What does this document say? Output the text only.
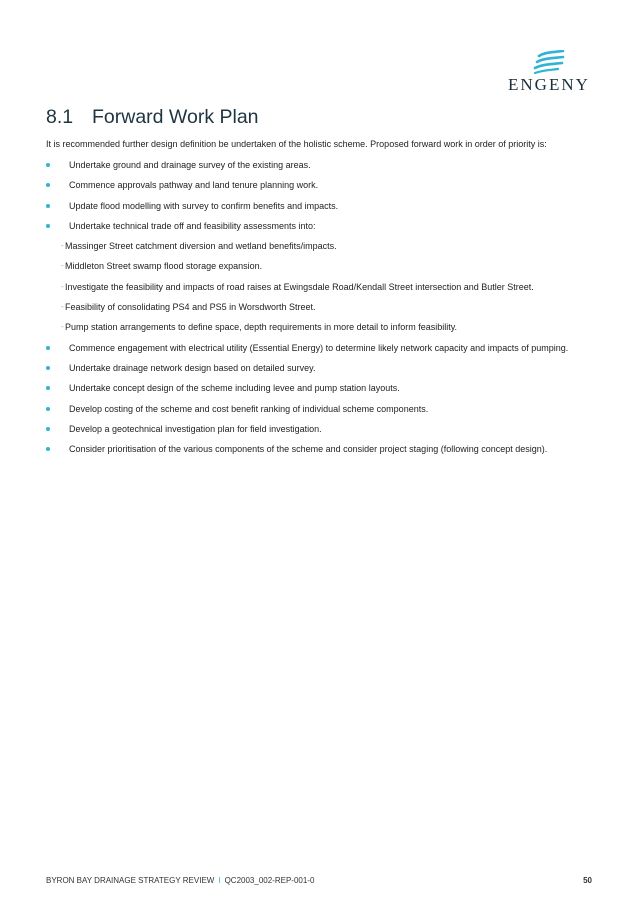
ENGENY
8.1 Forward Work Plan
It is recommended further design definition be undertaken of the holistic scheme. Proposed forward work in order of priority is:
Undertake ground and drainage survey of the existing areas.
Commence approvals pathway and land tenure planning work.
Update flood modelling with survey to confirm benefits and impacts.
Undertake technical trade off and feasibility assessments into:
- Massinger Street catchment diversion and wetland benefits/impacts.
- Middleton Street swamp flood storage expansion.
- Investigate the feasibility and impacts of road raises at Ewingsdale Road/Kendall Street intersection and Butler Street.
- Feasibility of consolidating PS4 and PS5 in Worsdworth Street.
- Pump station arrangements to define space, depth requirements in more detail to inform feasibility.
Commence engagement with electrical utility (Essential Energy) to determine likely network capacity and impacts of pumping.
Undertake drainage network design based on detailed survey.
Undertake concept design of the scheme including levee and pump station layouts.
Develop costing of the scheme and cost benefit ranking of individual scheme components.
Develop a geotechnical investigation plan for field investigation.
Consider prioritisation of the various components of the scheme and consider project staging (following concept design).
BYRON BAY DRAINAGE STRATEGY REVIEW I QC2003_002-REP-001-0	50
